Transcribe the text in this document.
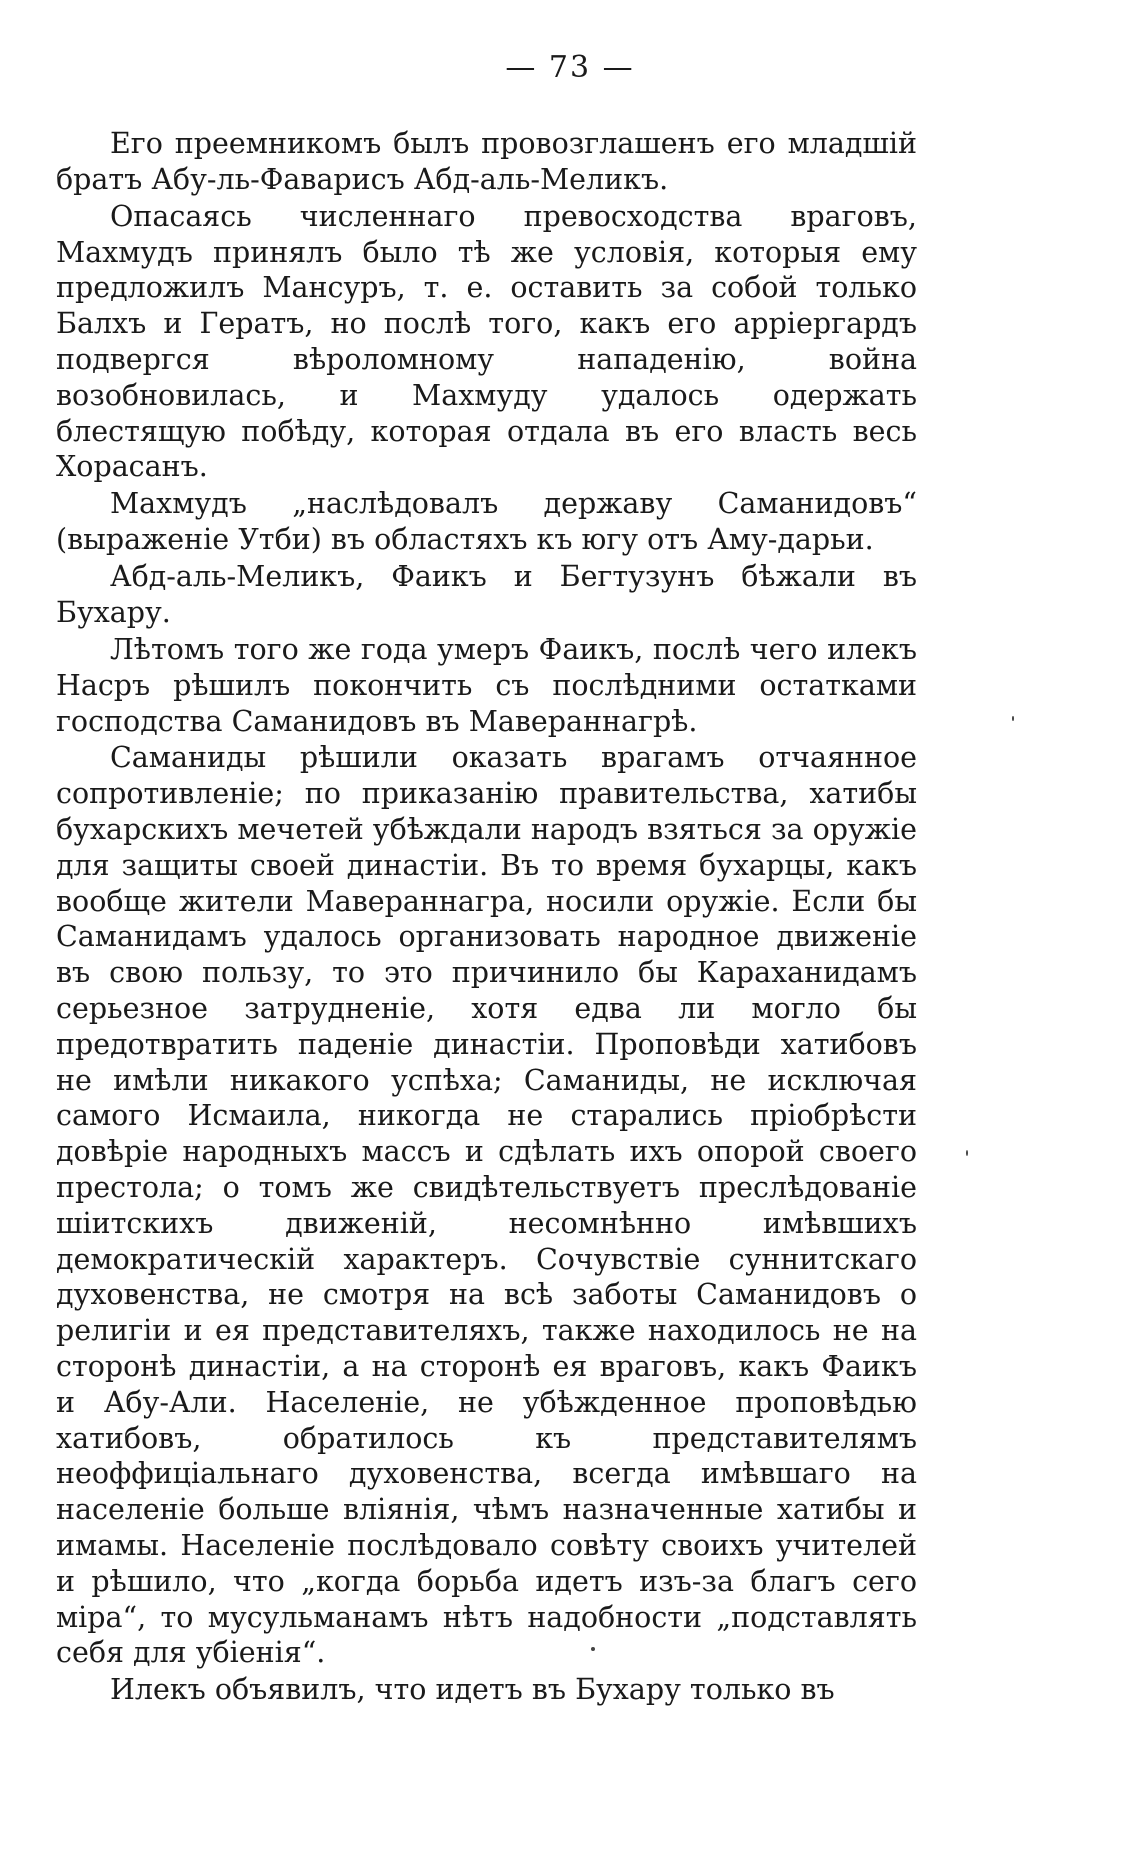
— 73 —

Его преемникомъ былъ провозглашенъ его младшій братъ Абу-ль-Фаварисъ Абд-аль-Меликъ.

Опасаясь численнаго превосходства враговъ, Махмудъ принялъ было тѣ же условія, которыя ему предложилъ Мансуръ, т. е. оставить за собой только Балхъ и Гератъ, но послѣ того, какъ его арріергардъ подвергся вѣроломному нападенію, война возобновилась, и Махмуду удалось одержать блестящую побѣду, которая отдала въ его власть весь Хорасанъ.

Махмудъ „наслѣдовалъ державу Саманидовъ“ (выраженіе Утби) въ областяхъ къ югу отъ Аму-дарьи.

Абд-аль-Меликъ, Фаикъ и Бегтузунъ бѣжали въ Бухару.

Лѣтомъ того же года умеръ Фаикъ, послѣ чего илекъ Насръ рѣшилъ покончить съ послѣдними остатками господства Саманидовъ въ Мавераннагрѣ.

Саманиды рѣшили оказать врагамъ отчаянное сопротивленіе; по приказанію правительства, хатибы бухарскихъ мечетей убѣждали народъ взяться за оружіе для защиты своей династіи. Въ то время бухарцы, какъ вообще жители Мавераннагра, носили оружіе. Если бы Саманидамъ удалось организовать народное движеніе въ свою пользу, то это причинило бы Караханидамъ серьезное затрудненіе, хотя едва ли могло бы предотвратить паденіе династіи. Проповѣди хатибовъ не имѣли никакого успѣха; Саманиды, не исключая самого Исмаила, никогда не старались пріобрѣсти довѣріе народныхъ массъ и сдѣлать ихъ опорой своего престола; о томъ же свидѣтельствуетъ преслѣдованіе шіитскихъ движеній, несомнѣнно имѣвшихъ демократическій характеръ. Сочувствіе суннитскаго духовенства, не смотря на всѣ заботы Саманидовъ о религіи и ея представителяхъ, также находилось не на сторонѣ династіи, а на сторонѣ ея враговъ, какъ Фаикъ и Абу-Али. Населеніе, не убѣжденное проповѣдью хатибовъ, обратилось къ представителямъ неоффиціальнаго духовенства, всегда имѣвшаго на населеніе больше вліянія, чѣмъ назначенные хатибы и имамы. Населеніе послѣдовало совѣту своихъ учителей и рѣшило, что „когда борьба идетъ изъ-за благъ сего міра“, то мусульманамъ нѣтъ надобности „подставлять себя для убіенія“.

Илекъ объявилъ, что идетъ въ Бухару только въ
